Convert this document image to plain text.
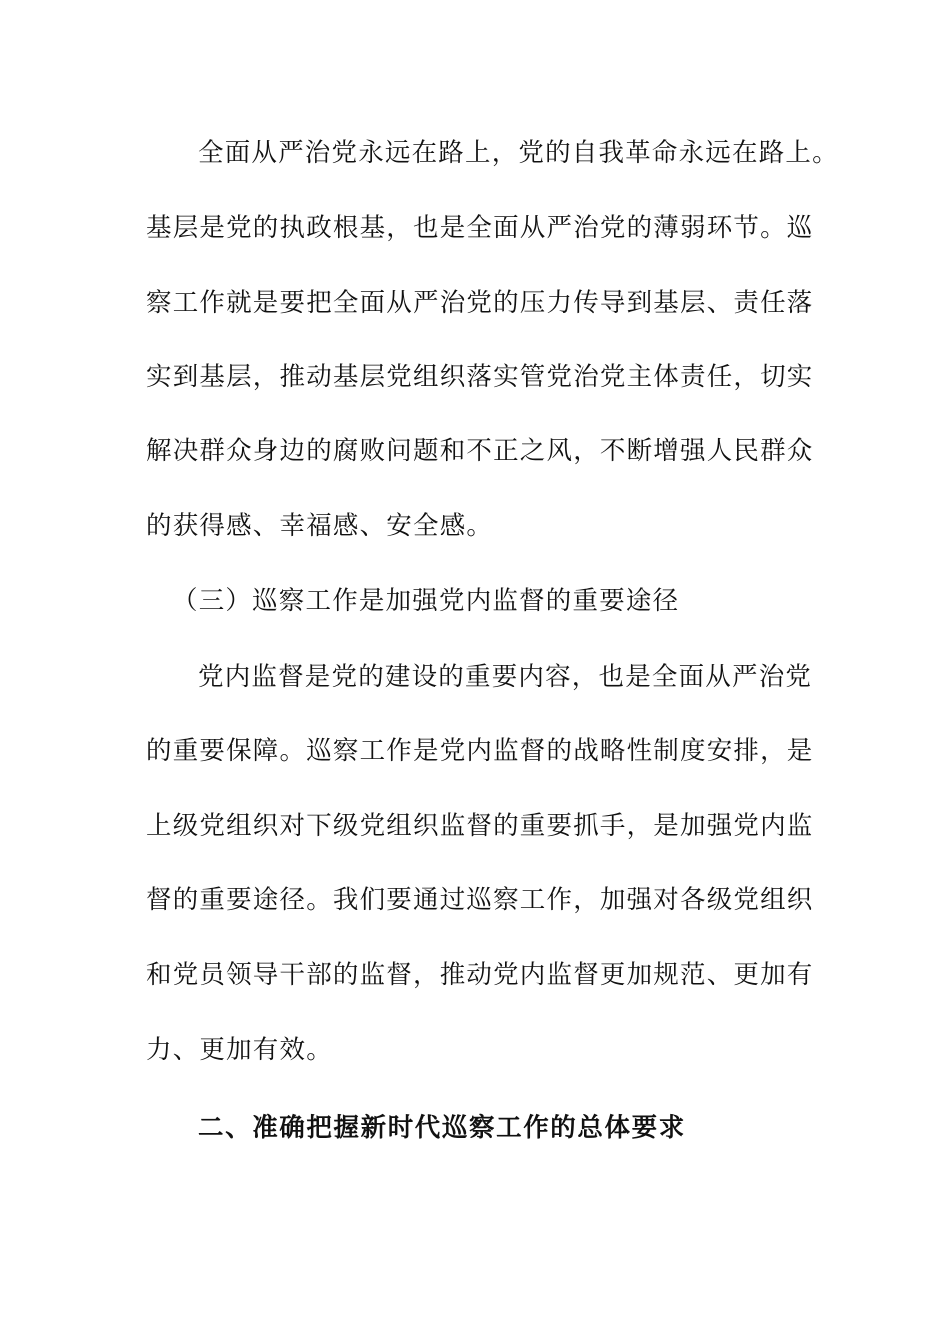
全面从严治党永远在路上，党的自我革命永远在路上。
基层是党的执政根基，也是全面从严治党的薄弱环节。巡
察工作就是要把全面从严治党的压力传导到基层、责任落
实到基层，推动基层党组织落实管党治党主体责任，切实
解决群众身边的腐败问题和不正之风，不断增强人民群众
的获得感、幸福感、安全感。
（三）巡察工作是加强党内监督的重要途径
党内监督是党的建设的重要内容，也是全面从严治党
的重要保障。巡察工作是党内监督的战略性制度安排，是
上级党组织对下级党组织监督的重要抓手，是加强党内监
督的重要途径。我们要通过巡察工作，加强对各级党组织
和党员领导干部的监督，推动党内监督更加规范、更加有
力、更加有效。
二、准确把握新时代巡察工作的总体要求
